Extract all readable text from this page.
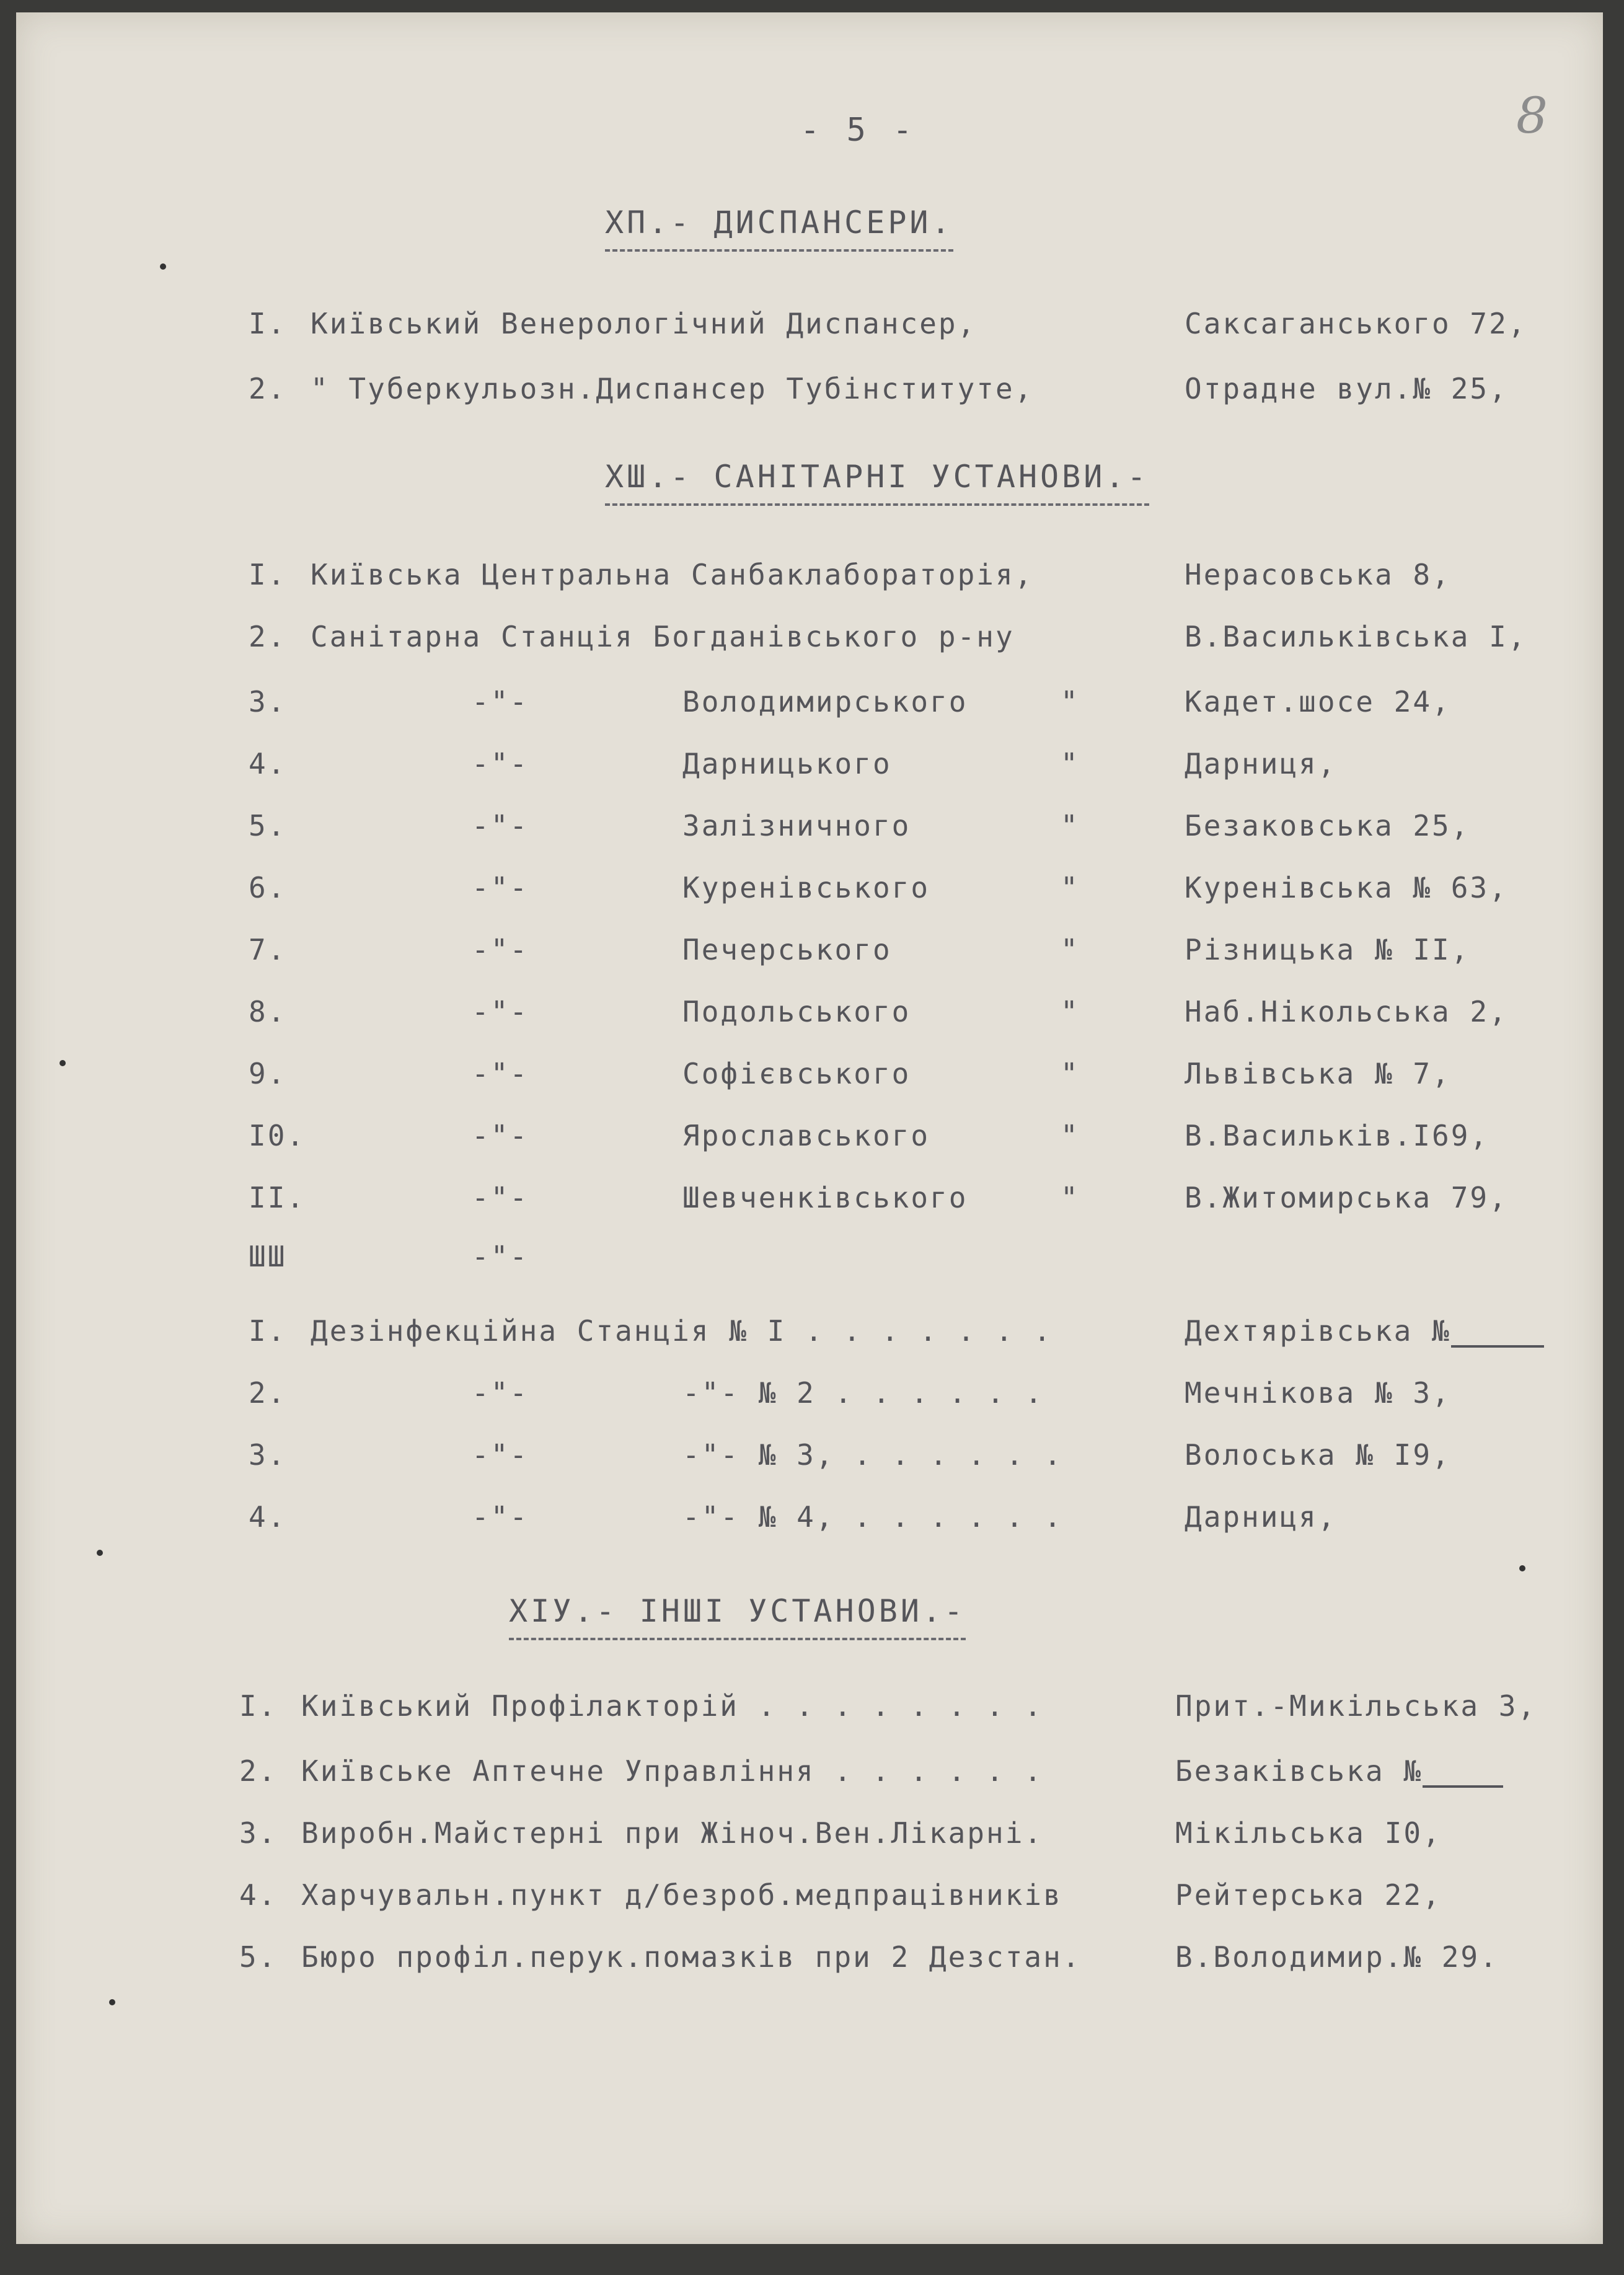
- 5 -	8
ХП.- ДИСПАНСЕРИ.
I. Київський Венерологічний Диспансер,	Саксаганського 72,
2. " Туберкульозн.Диспансер Тубінституте,	Отрадне вул.№ 25,
ХШ.- САНІТАРНІ УСТАНОВИ.-
I. Київська Центральна Санбаклабораторія,	Нерасовська 8,
2. Санітарна Станція Богданівського р-ну	В.Васильківська I,
3.	-"-	Володимирського	"	Кадет.шосе 24,
4.	-"-	Дарницького	"	Дарниця,
5.	-"-	Залізничного	"	Безаковська 25,
6.	-"-	Куренівського	"	Куренівська № 63,
7.	-"-	Печерського	"	Різницька № II,
8.	-"-	Подольського	"	Наб.Нікольська 2,
9.	-"-	Софієвського	"	Львівська № 7,
I0.	-"-	Ярославського	"	В.Васильків.I69,
II.	-"-	Шевченківського	"	В.Житомирська 79,
ШШ	-"-
I. Дезінфекційна Станція № I . . . . . . .	Дехтярівська №
2.	-"-	-"- № 2 . . . . . .	Мечнікова № 3,
3.	-"-	-"- № 3, . . . . . .	Волоська № I9,
4.	-"-	-"- № 4, . . . . . .	Дарниця,
ХІУ.- ІНШІ УСТАНОВИ.-
I. Київський Профілакторій . . . . . . . .	Прит.-Микільська 3,
2. Київське Аптечне Управління . . . . . .	Безаківська №
3. Виробн.Майстерні при Жіноч.Вен.Лікарні.	Мікільська I0,
4. Харчувальн.пункт д/безроб.медпрацівників	Рейтерська 22,
5. Бюро профіл.перук.помазків при 2 Дезстан.	В.Володимир.№ 29.
